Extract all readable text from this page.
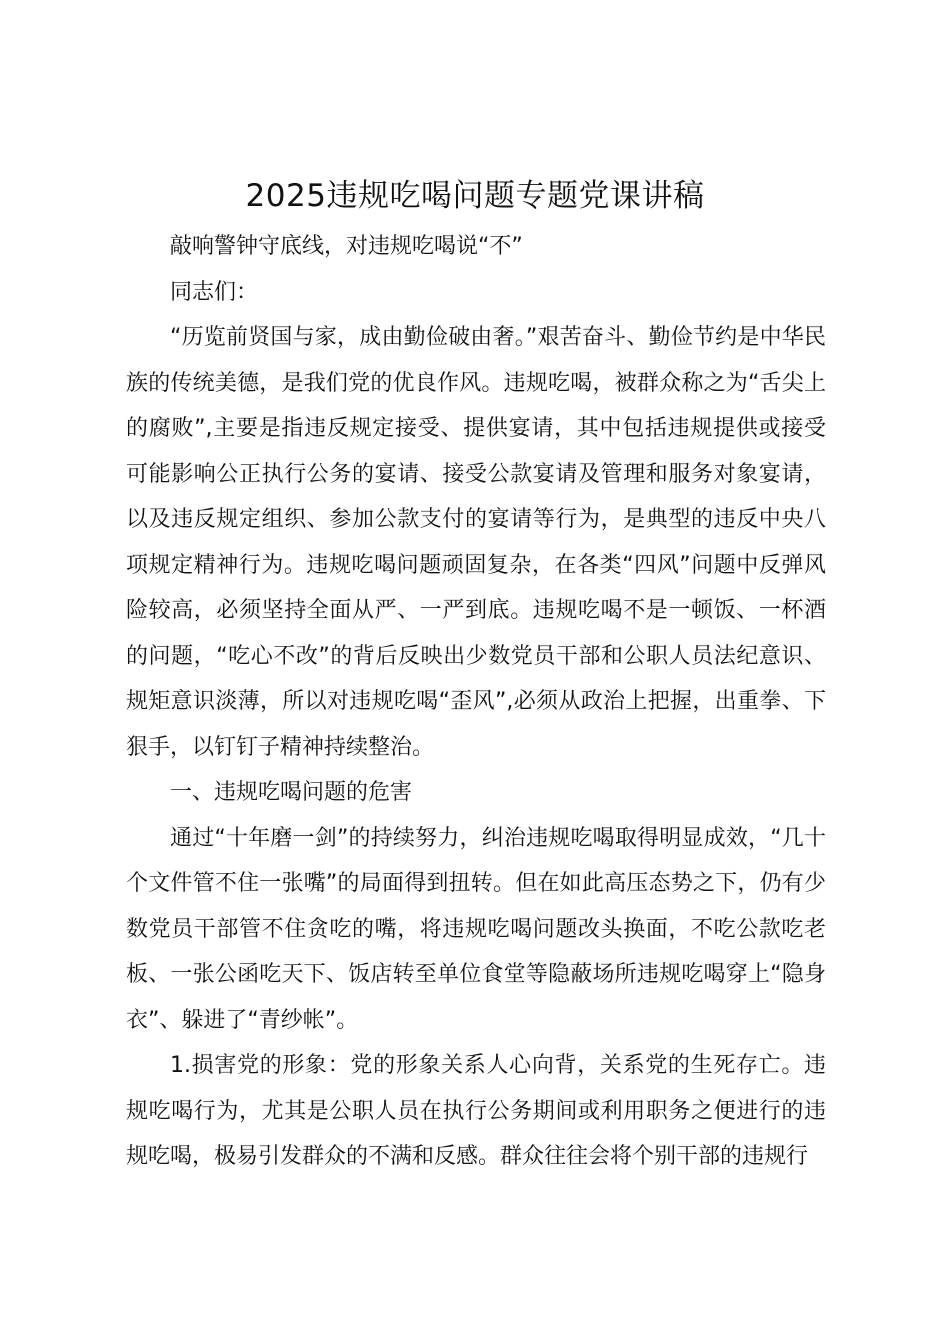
2025违规吃喝问题专题党课讲稿

敲响警钟守底线，对违规吃喝说“不”

同志们：

“历览前贤国与家，成由勤俭破由奢。”艰苦奋斗、勤俭节约是中华民族的传统美德，是我们党的优良作风。违规吃喝，被群众称之为“舌尖上的腐败”,主要是指违反规定接受、提供宴请，其中包括违规提供或接受可能影响公正执行公务的宴请、接受公款宴请及管理和服务对象宴请，以及违反规定组织、参加公款支付的宴请等行为，是典型的违反中央八项规定精神行为。违规吃喝问题顽固复杂，在各类“四风”问题中反弹风险较高，必须坚持全面从严、一严到底。违规吃喝不是一顿饭、一杯酒的问题，“吃心不改”的背后反映出少数党员干部和公职人员法纪意识、规矩意识淡薄，所以对违规吃喝“歪风”,必须从政治上把握，出重拳、下狠手，以钉钉子精神持续整治。

一、违规吃喝问题的危害

通过“十年磨一剑”的持续努力，纠治违规吃喝取得明显成效，“几十个文件管不住一张嘴”的局面得到扭转。但在如此高压态势之下，仍有少数党员干部管不住贪吃的嘴，将违规吃喝问题改头换面，不吃公款吃老板、一张公函吃天下、饭店转至单位食堂等隐蔽场所违规吃喝穿上“隐身衣”、躲进了“青纱帐”。

1.损害党的形象：党的形象关系人心向背，关系党的生死存亡。违规吃喝行为，尤其是公职人员在执行公务期间或利用职务之便进行的违规吃喝，极易引发群众的不满和反感。群众往往会将个别干部的违规行
